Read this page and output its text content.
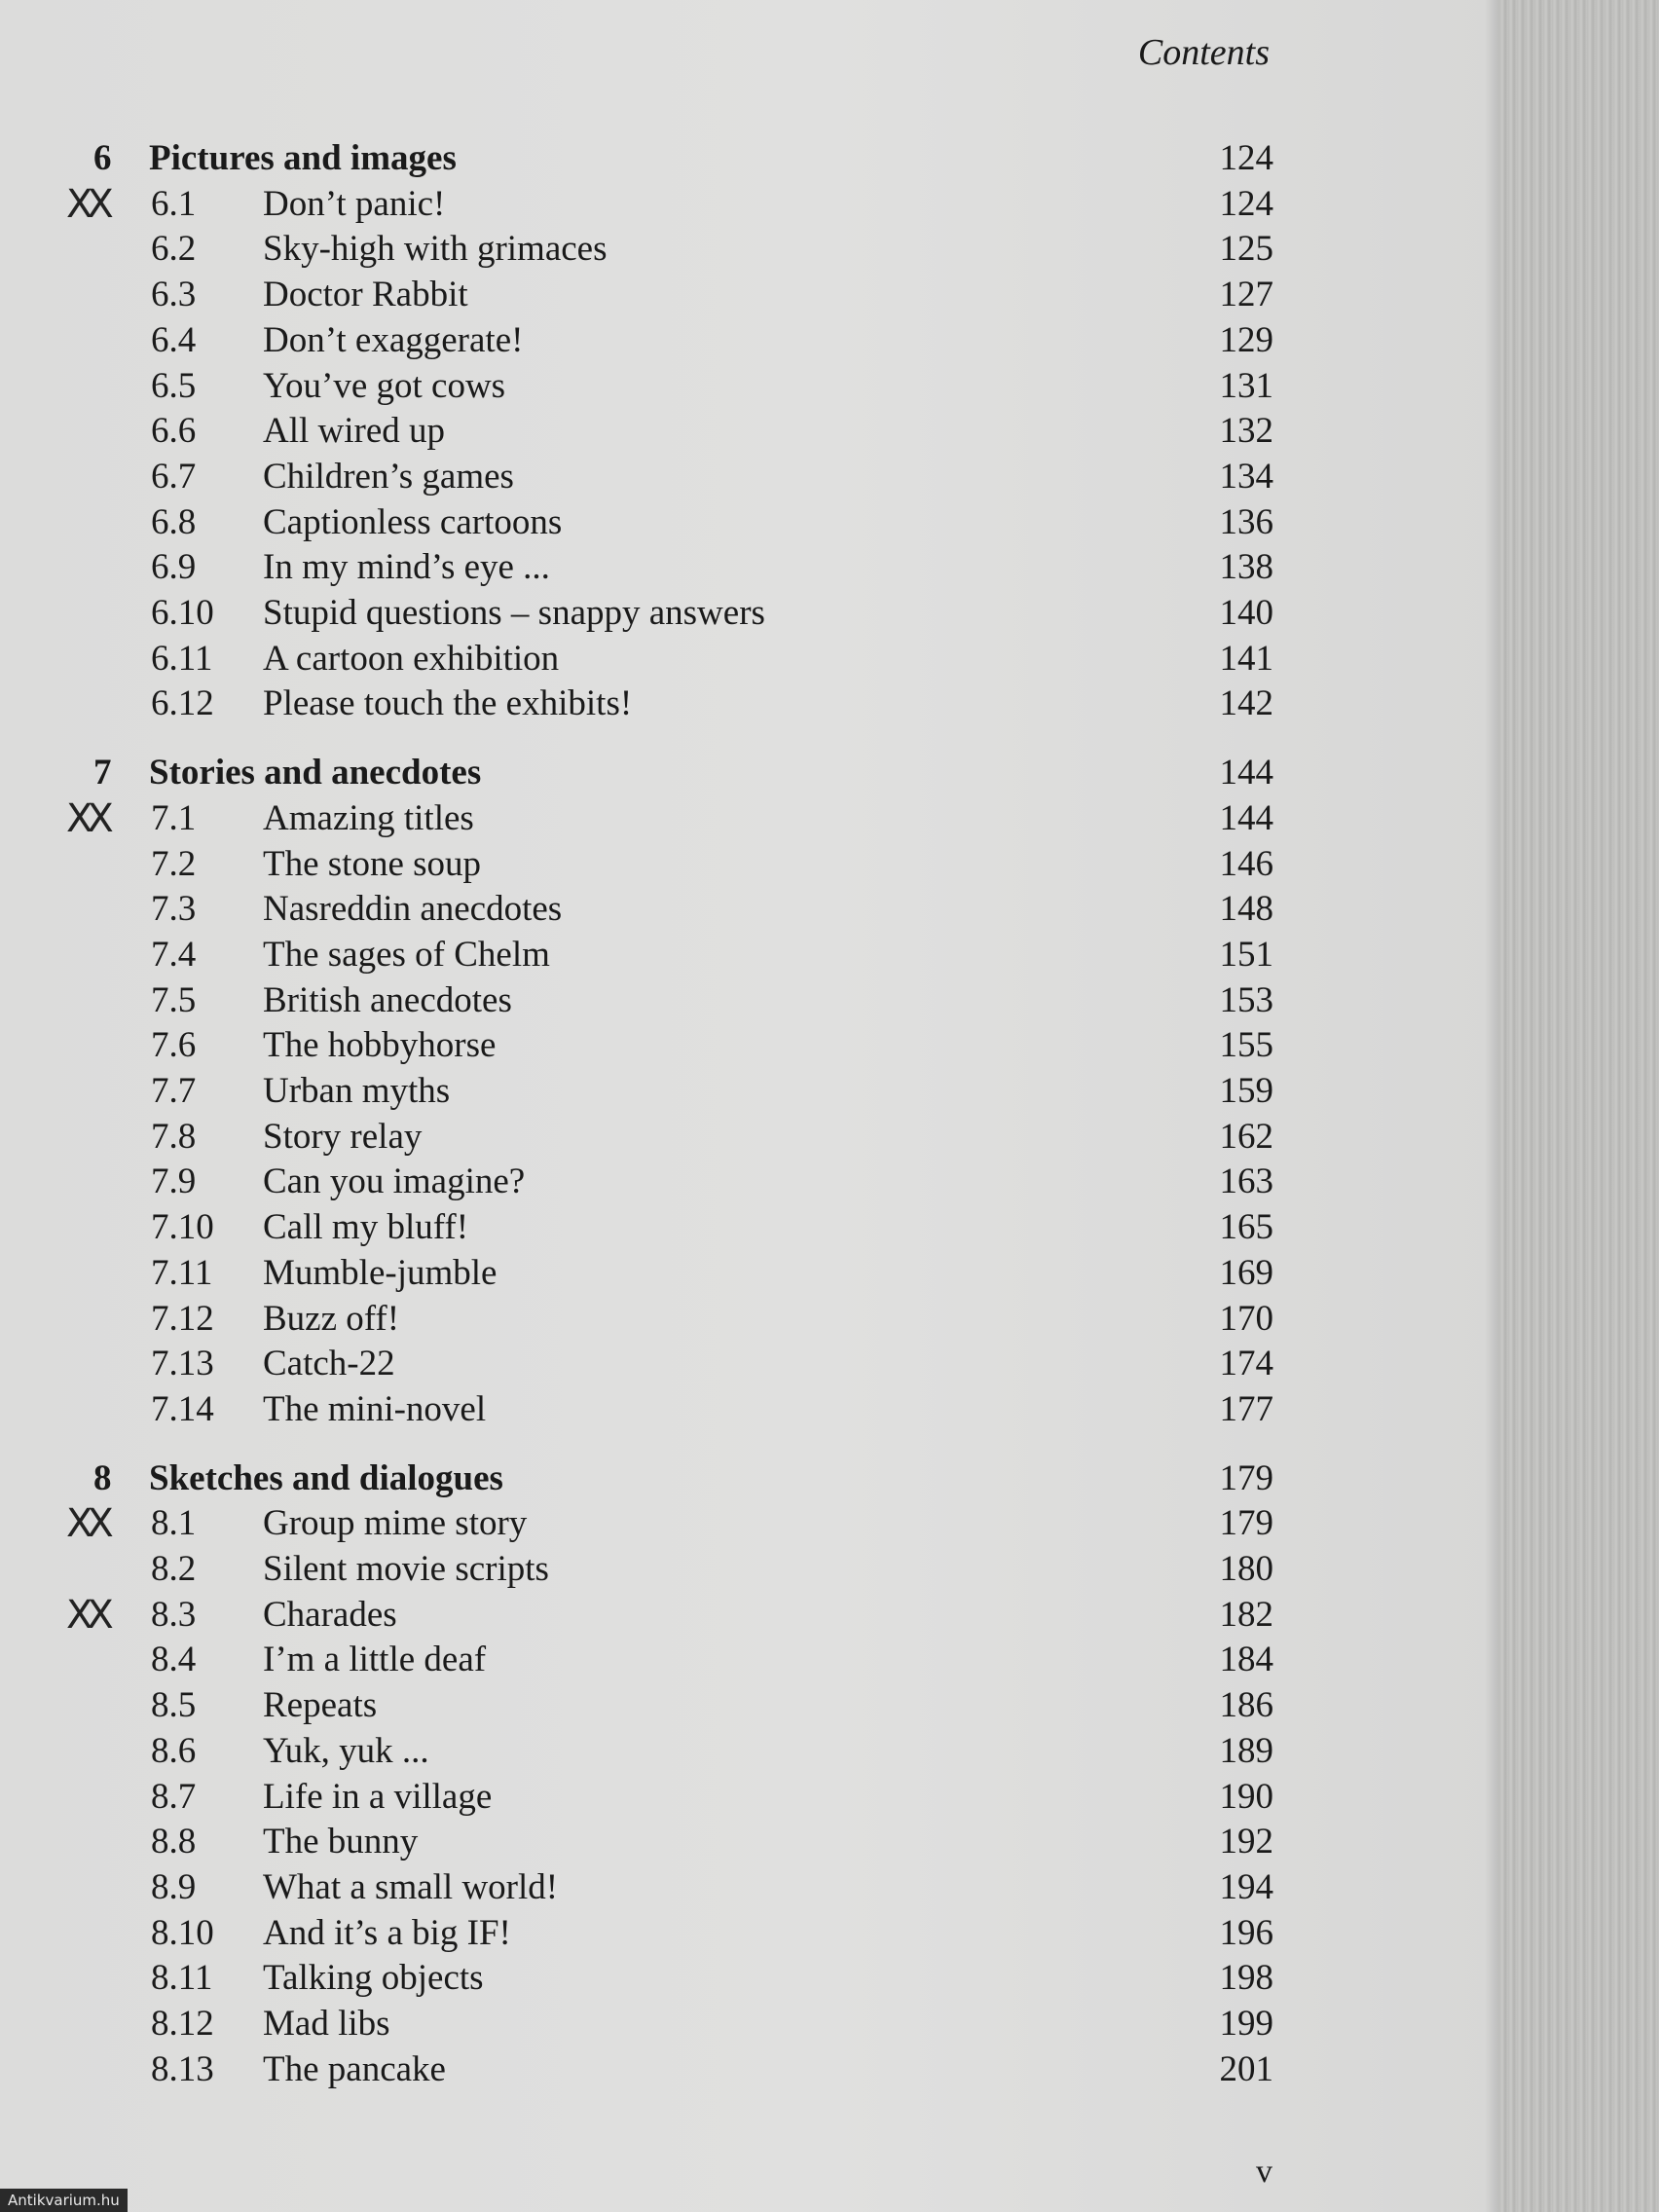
Contents
6 Pictures and images	124
XX 6.1 Don’t panic!	124
6.2 Sky-high with grimaces	125
6.3 Doctor Rabbit	127
6.4 Don’t exaggerate!	129
6.5 You’ve got cows	131
6.6 All wired up	132
6.7 Children’s games	134
6.8 Captionless cartoons	136
6.9 In my mind’s eye ...	138
6.10 Stupid questions – snappy answers	140
6.11 A cartoon exhibition	141
6.12 Please touch the exhibits!	142
7 Stories and anecdotes	144
XX 7.1 Amazing titles	144
7.2 The stone soup	146
7.3 Nasreddin anecdotes	148
7.4 The sages of Chelm	151
7.5 British anecdotes	153
7.6 The hobbyhorse	155
7.7 Urban myths	159
7.8 Story relay	162
7.9 Can you imagine?	163
7.10 Call my bluff!	165
7.11 Mumble-jumble	169
7.12 Buzz off!	170
7.13 Catch-22	174
7.14 The mini-novel	177
8 Sketches and dialogues	179
XX 8.1 Group mime story	179
8.2 Silent movie scripts	180
XX 8.3 Charades	182
8.4 I’m a little deaf	184
8.5 Repeats	186
8.6 Yuk, yuk ...	189
8.7 Life in a village	190
8.8 The bunny	192
8.9 What a small world!	194
8.10 And it’s a big IF!	196
8.11 Talking objects	198
8.12 Mad libs	199
8.13 The pancake	201
v
Antikvarium.hu
